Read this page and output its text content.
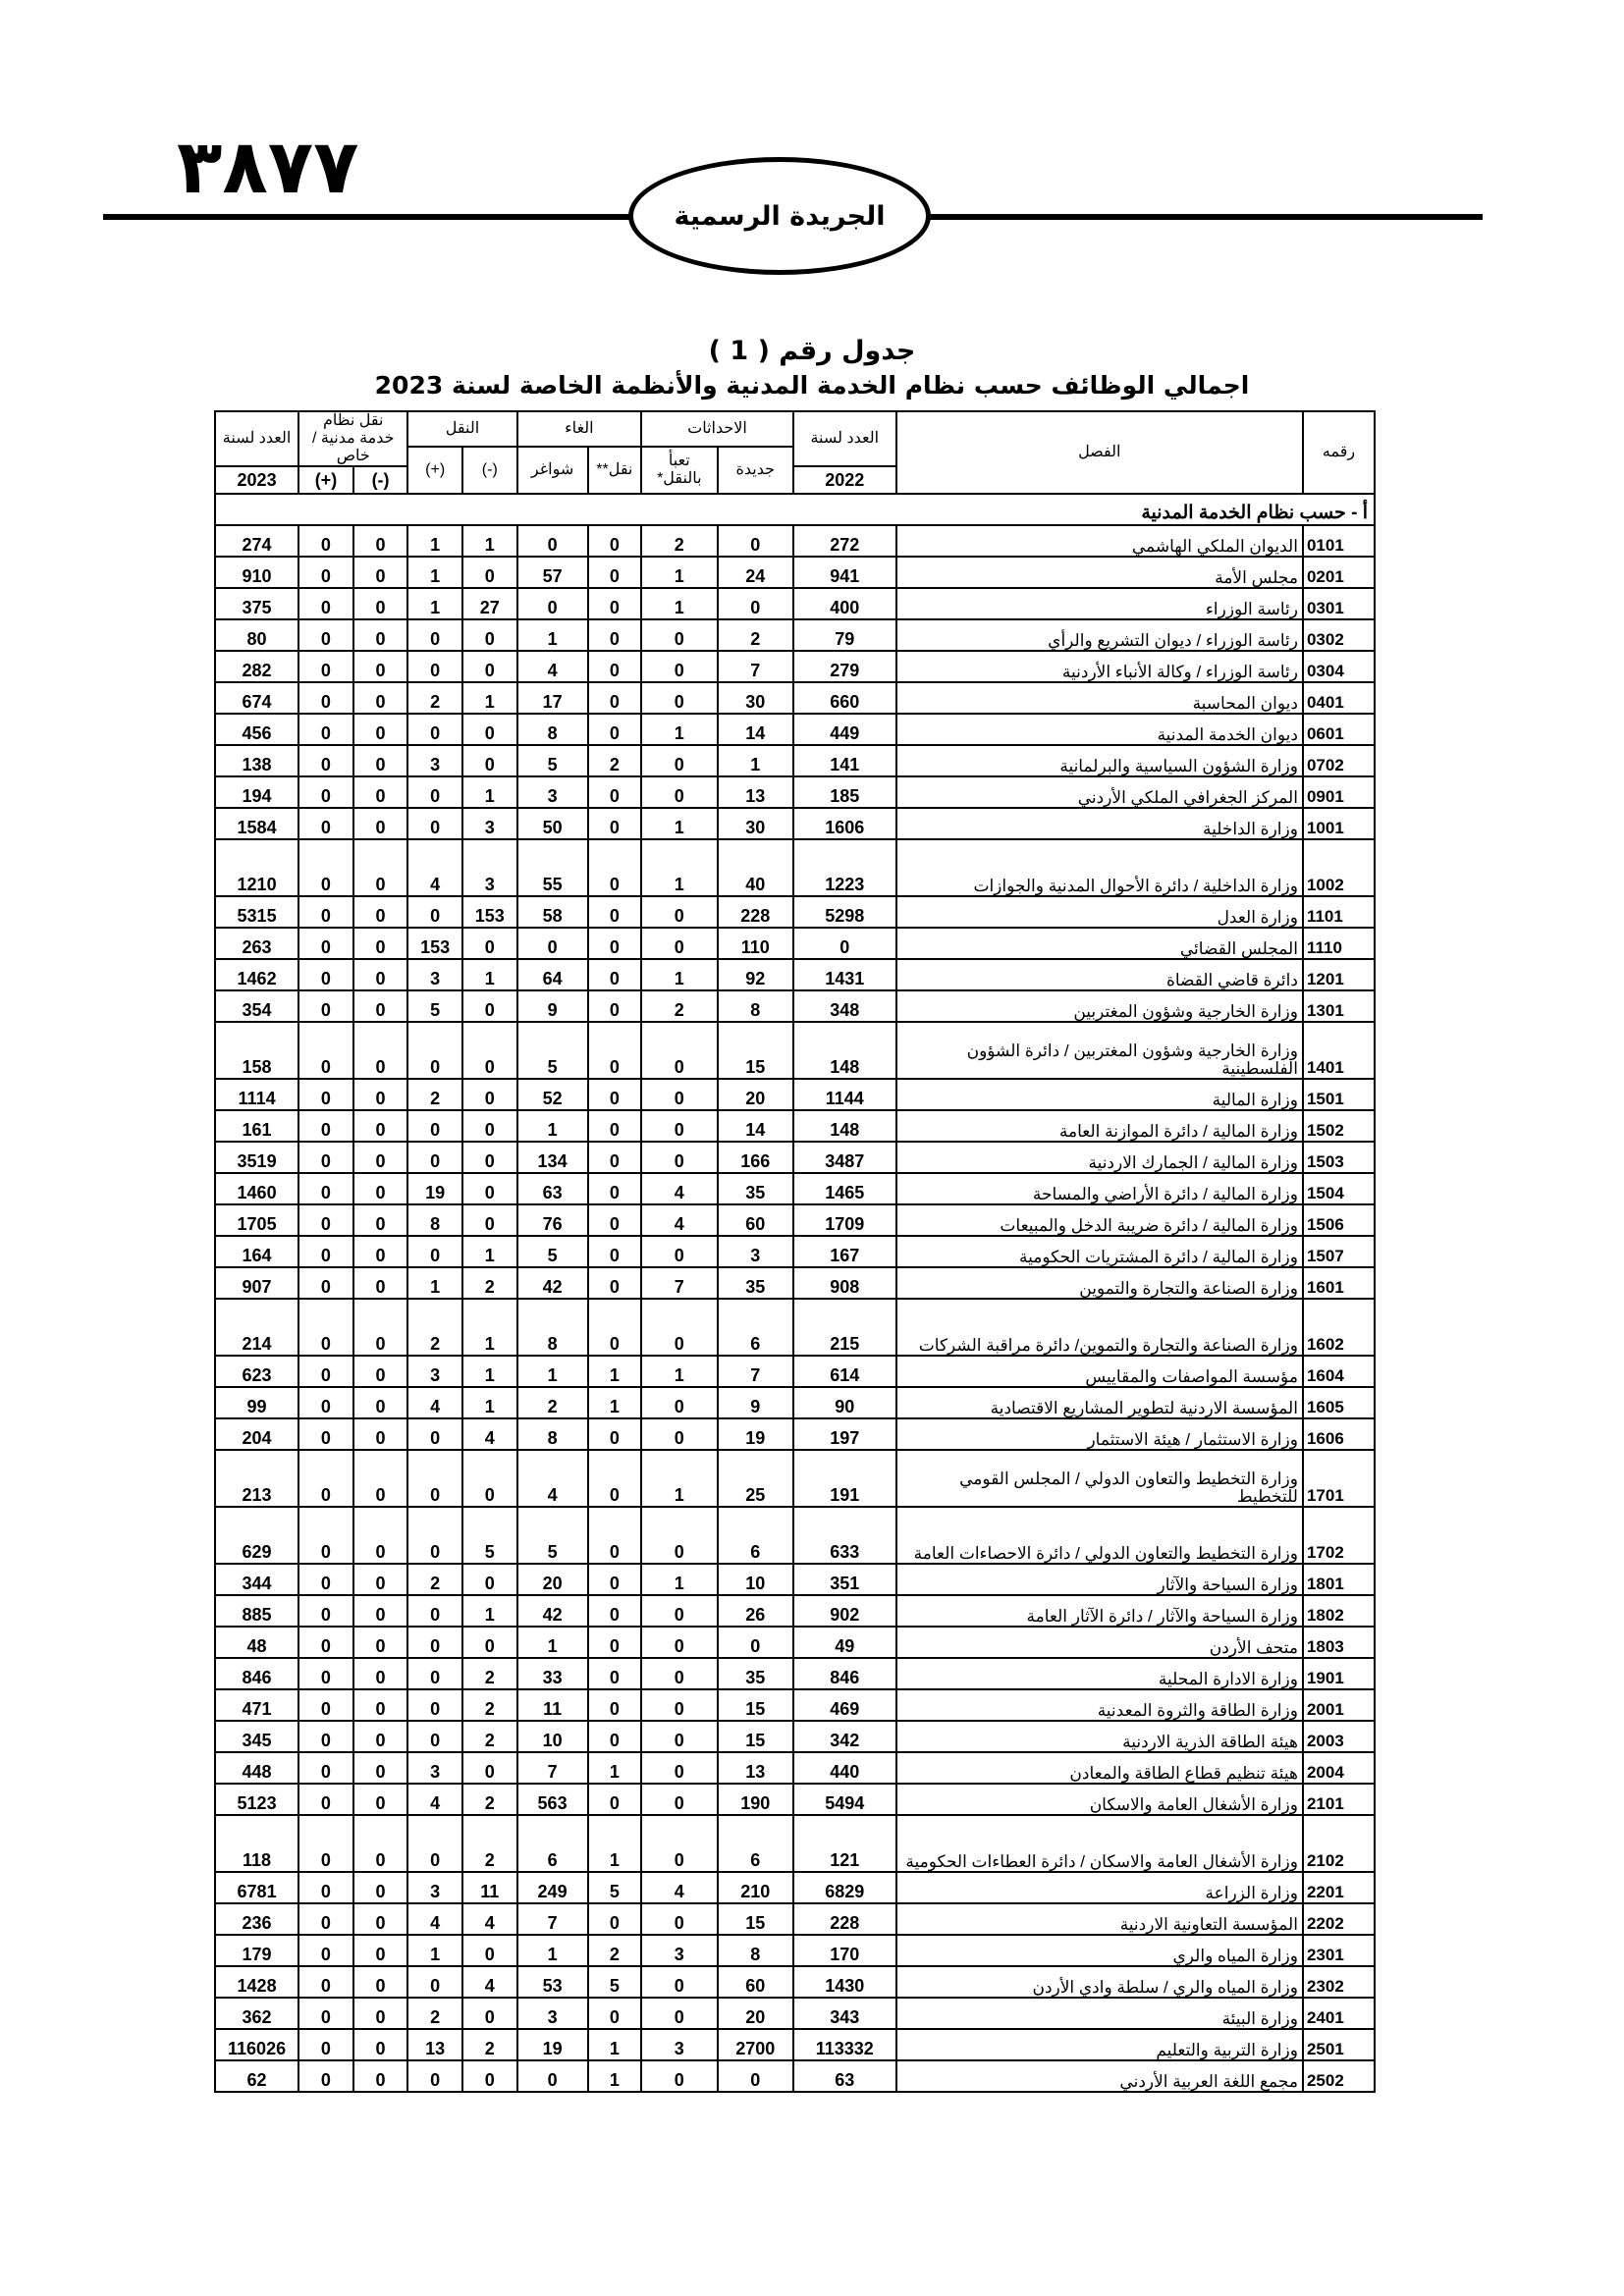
٣٨٧٧
الجريدة الرسمية
جدول رقم ( 1 )
اجمالي الوظائف حسب نظام الخدمة المدنية والأنظمة الخاصة لسنة 2023
رقمه	الفصل	العدد لسنة	الاحداثات		الغاء		النقل		نقل نظام خدمة مدنية / خاص		العدد لسنة
			جديدة	تعبأ بالنقل*	نقل**	شواغر	(-)	(+)			
		2022							(-)	(+)	2023
أ - حسب نظام الخدمة المدنية											
0101	الديوان الملكي الهاشمي	272	0	2	0	0	1	1	0	0	274
0201	مجلس الأمة	941	24	1	0	57	0	1	0	0	910
0301	رئاسة الوزراء	400	0	1	0	0	27	1	0	0	375
0302	رئاسة الوزراء / ديوان التشريع والرأي	79	2	0	0	1	0	0	0	0	80
0304	رئاسة الوزراء / وكالة الأنباء الأردنية	279	7	0	0	4	0	0	0	0	282
0401	ديوان المحاسبة	660	30	0	0	17	1	2	0	0	674
0601	ديوان الخدمة المدنية	449	14	1	0	8	0	0	0	0	456
0702	وزارة الشؤون السياسية والبرلمانية	141	1	0	2	5	0	3	0	0	138
0901	المركز الجغرافي الملكي الأردني	185	13	0	0	3	1	0	0	0	194
1001	وزارة الداخلية	1606	30	1	0	50	3	0	0	0	1584
1002	وزارة الداخلية / دائرة الأحوال المدنية والجوازات	1223	40	1	0	55	3	4	0	0	1210
1101	وزارة العدل	5298	228	0	0	58	153	0	0	0	5315
1110	المجلس القضائي	0	110	0	0	0	0	153	0	0	263
1201	دائرة قاضي القضاة	1431	92	1	0	64	1	3	0	0	1462
1301	وزارة الخارجية وشؤون المغتربين	348	8	2	0	9	0	5	0	0	354
1401	وزارة الخارجية وشؤون المغتربين / دائرة الشؤون الفلسطينية	148	15	0	0	5	0	0	0	0	158
1501	وزارة المالية	1144	20	0	0	52	0	2	0	0	1114
1502	وزارة المالية / دائرة الموازنة العامة	148	14	0	0	1	0	0	0	0	161
1503	وزارة المالية / الجمارك الاردنية	3487	166	0	0	134	0	0	0	0	3519
1504	وزارة المالية / دائرة الأراضي والمساحة	1465	35	4	0	63	0	19	0	0	1460
1506	وزارة المالية / دائرة ضريبة الدخل والمبيعات	1709	60	4	0	76	0	8	0	0	1705
1507	وزارة المالية / دائرة المشتريات الحكومية	167	3	0	0	5	1	0	0	0	164
1601	وزارة الصناعة والتجارة والتموين	908	35	7	0	42	2	1	0	0	907
1602	وزارة الصناعة والتجارة والتموين/ دائرة مراقبة الشركات	215	6	0	0	8	1	2	0	0	214
1604	مؤسسة المواصفات والمقاييس	614	7	1	1	1	1	3	0	0	623
1605	المؤسسة الاردنية لتطوير المشاريع الاقتصادية	90	9	0	1	2	1	4	0	0	99
1606	وزارة الاستثمار / هيئة الاستثمار	197	19	0	0	8	4	0	0	0	204
1701	وزارة التخطيط والتعاون الدولي / المجلس القومي للتخطيط	191	25	1	0	4	0	0	0	0	213
1702	وزارة التخطيط والتعاون الدولي / دائرة الاحصاءات العامة	633	6	0	0	5	5	0	0	0	629
1801	وزارة السياحة والآثار	351	10	1	0	20	0	2	0	0	344
1802	وزارة السياحة والآثار / دائرة الآثار العامة	902	26	0	0	42	1	0	0	0	885
1803	متحف الأردن	49	0	0	0	1	0	0	0	0	48
1901	وزارة الادارة المحلية	846	35	0	0	33	2	0	0	0	846
2001	وزارة الطاقة والثروة المعدنية	469	15	0	0	11	2	0	0	0	471
2003	هيئة الطاقة الذرية الاردنية	342	15	0	0	10	2	0	0	0	345
2004	هيئة تنظيم قطاع الطاقة والمعادن	440	13	0	1	7	0	3	0	0	448
2101	وزارة الأشغال العامة والاسكان	5494	190	0	0	563	2	4	0	0	5123
2102	وزارة الأشغال العامة والاسكان / دائرة العطاءات الحكومية	121	6	0	1	6	2	0	0	0	118
2201	وزارة الزراعة	6829	210	4	5	249	11	3	0	0	6781
2202	المؤسسة التعاونية الاردنية	228	15	0	0	7	4	4	0	0	236
2301	وزارة المياه والري	170	8	3	2	1	0	1	0	0	179
2302	وزارة المياه والري / سلطة وادي الأردن	1430	60	0	5	53	4	0	0	0	1428
2401	وزارة البيئة	343	20	0	0	3	0	2	0	0	362
2501	وزارة التربية والتعليم	113332	2700	3	1	19	2	13	0	0	116026
2502	مجمع اللغة العربية الأردني	63	0	0	1	0	0	0	0	0	62
